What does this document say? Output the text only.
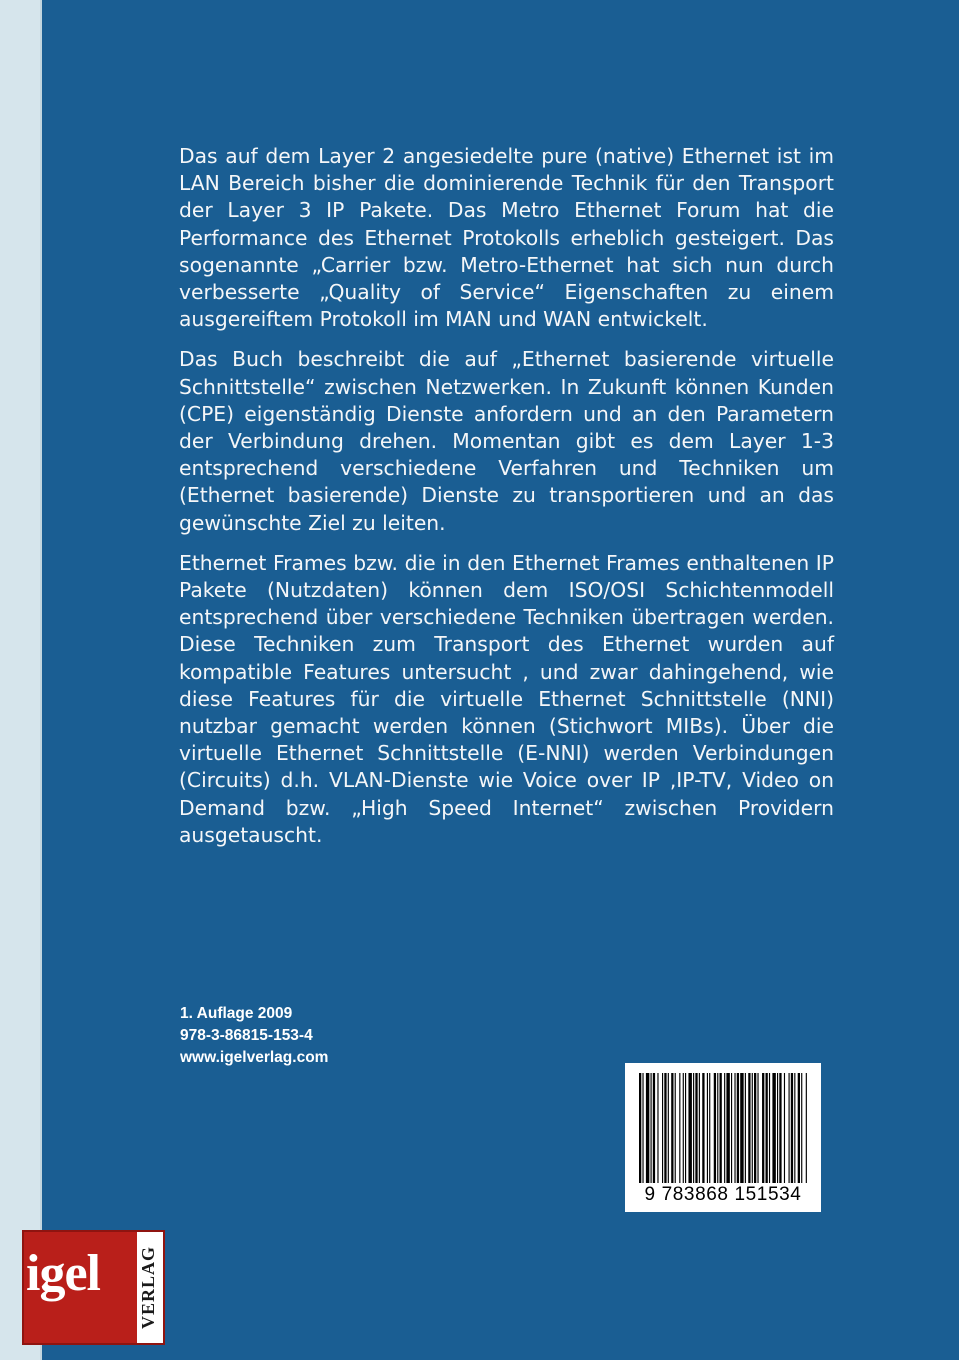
Das auf dem Layer 2 angesiedelte pure (native) Ethernet ist im LAN Bereich bisher die dominierende Technik für den Transport der Layer 3 IP Pakete. Das Metro Ethernet Forum hat die Performance des Ethernet Protokolls erheblich gesteigert. Das sogenannte „Carrier bzw. Metro-Ethernet hat sich nun durch verbesserte „Quality of Service“ Eigenschaften zu einem ausgereiftem Protokoll im MAN und WAN entwickelt.

Das Buch beschreibt die auf „Ethernet basierende virtuelle Schnittstelle“ zwischen Netzwerken. In Zukunft können Kunden (CPE) eigenständig Dienste anfordern und an den Parametern der Verbindung drehen. Momentan gibt es dem Layer 1-3 entsprechend verschiedene Verfahren und Techniken um (Ethernet basierende) Dienste zu transportieren und an das gewünschte Ziel zu leiten.

Ethernet Frames bzw. die in den Ethernet Frames enthaltenen IP Pakete (Nutzdaten) können dem ISO/OSI Schichtenmodell entsprechend über verschiedene Techniken übertragen werden. Diese Techniken zum Transport des Ethernet wurden auf kompatible Features untersucht , und zwar dahingehend, wie diese Features für die virtuelle Ethernet Schnittstelle (NNI) nutzbar gemacht werden können (Stichwort MIBs). Über die virtuelle Ethernet Schnittstelle (E-NNI) werden Verbindungen (Circuits) d.h. VLAN-Dienste wie Voice over IP ,IP-TV, Video on Demand bzw. „High Speed Internet“ zwischen Providern ausgetauscht.

1. Auflage 2009
978-3-86815-153-4
www.igelverlag.com
9 783868 151534
igel VERLAG
